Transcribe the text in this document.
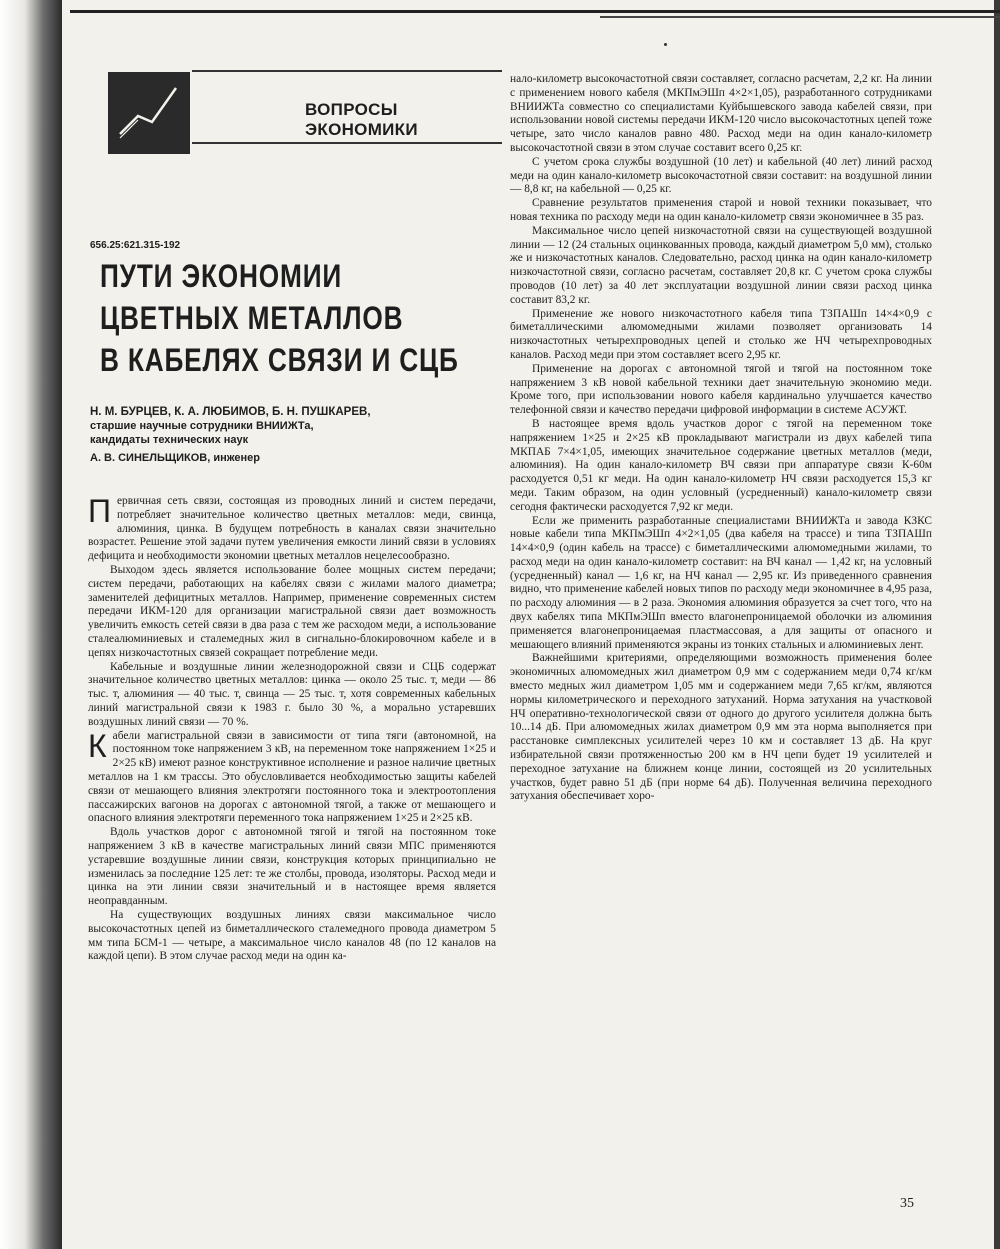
ВОПРОСЫ ЭКОНОМИКИ
656.25:621.315-192
ПУТИ ЭКОНОМИИ
ЦВЕТНЫХ МЕТАЛЛОВ
В КАБЕЛЯХ СВЯЗИ И СЦБ
Н. М. БУРЦЕВ, К. А. ЛЮБИМОВ, Б. Н. ПУШКАРЕВ,
старшие научные сотрудники ВНИИЖТа,
кандидаты технических наук
А. В. СИНЕЛЬЩИКОВ, инженер

Первичная сеть связи, состоящая из проводных линий и систем передачи, потребляет значительное количество цветных металлов: меди, свинца, алюминия, цинка. В будущем потребность в каналах связи значительно возрастет. Решение этой задачи путем увеличения емкости линий связи в условиях дефицита и необходимости экономии цветных металлов нецелесообразно.

Выходом здесь является использование более мощных систем передачи; систем передачи, работающих на кабелях связи с жилами малого диаметра; заменителей дефицитных металлов. Например, применение современных систем передачи ИКМ-120 для организации магистральной связи дает возможность увеличить емкость сетей связи в два раза с тем же расходом меди, а использование сталеалюминиевых и сталемедных жил в сигнально-блокировочном кабеле и в цепях низкочастотных связей сокращает потребление меди.

Кабельные и воздушные линии железнодорожной связи и СЦБ содержат значительное количество цветных металлов: цинка — около 25 тыс. т, меди — 86 тыс. т, алюминия — 40 тыс. т, свинца — 25 тыс. т, хотя современных кабельных линий магистральной связи к 1983 г. было 30 %, а морально устаревших воздушных линий связи — 70 %.

Кабели магистральной связи в зависимости от типа тяги (автономной, на постоянном токе напряжением 3 кВ, на переменном токе напряжением 1×25 и 2×25 кВ) имеют разное конструктивное исполнение и разное наличие цветных металлов на 1 км трассы. Это обусловливается необходимостью защиты кабелей связи от мешающего влияния электротяги постоянного тока и электроотопления пассажирских вагонов на дорогах с автономной тягой, а также от мешающего и опасного влияния электротяги переменного тока напряжением 1×25 и 2×25 кВ.

Вдоль участков дорог с автономной тягой и тягой на постоянном токе напряжением 3 кВ в качестве магистральных линий связи МПС применяются устаревшие воздушные линии связи, конструкция которых принципиально не изменилась за последние 125 лет: те же столбы, провода, изоляторы. Расход меди и цинка на эти линии связи значительный и в настоящее время является неоправданным.

На существующих воздушных линиях связи максимальное число высокочастотных цепей из биметаллического сталемедного провода диаметром 5 мм типа БСМ-1 — четыре, а максимальное число каналов 48 (по 12 каналов на каждой цепи). В этом случае расход меди на один ка-

нало-километр высокочастотной связи составляет, согласно расчетам, 2,2 кг. На линии с применением нового кабеля (МКПмЭШп 4×2×1,05), разработанного сотрудниками ВНИИЖТа совместно со специалистами Куйбышевского завода кабелей связи, при использовании новой системы передачи ИКМ-120 число высокочастотных цепей тоже четыре, зато число каналов равно 480. Расход меди на один канало-километр высокочастотной связи в этом случае составит всего 0,25 кг.

С учетом срока службы воздушной (10 лет) и кабельной (40 лет) линий расход меди на один канало-километр высокочастотной связи составит: на воздушной линии — 8,8 кг, на кабельной — 0,25 кг.

Сравнение результатов применения старой и новой техники показывает, что новая техника по расходу меди на один канало-километр связи экономичнее в 35 раз.

Максимальное число цепей низкочастотной связи на существующей воздушной линии — 12 (24 стальных оцинкованных провода, каждый диаметром 5,0 мм), столько же и низкочастотных каналов. Следовательно, расход цинка на один канало-километр низкочастотной связи, согласно расчетам, составляет 20,8 кг. С учетом срока службы проводов (10 лет) за 40 лет эксплуатации воздушной линии связи расход цинка составит 83,2 кг.

Применение же нового низкочастотного кабеля типа ТЗПАШп 14×4×0,9 с биметаллическими алюмомедными жилами позволяет организовать 14 низкочастотных четырехпроводных цепей и столько же НЧ четырехпроводных каналов. Расход меди при этом составляет всего 2,95 кг.

Применение на дорогах с автономной тягой и тягой на постоянном токе напряжением 3 кВ новой кабельной техники дает значительную экономию меди. Кроме того, при использовании нового кабеля кардинально улучшается качество телефонной связи и качество передачи цифровой информации в системе АСУЖТ.

В настоящее время вдоль участков дорог с тягой на переменном токе напряжением 1×25 и 2×25 кВ прокладывают магистрали из двух кабелей типа МКПАБ 7×4×1,05, имеющих значительное содержание цветных металлов (меди, алюминия). На один канало-километр ВЧ связи при аппаратуре связи К-60м расходуется 0,51 кг меди. На один канало-километр НЧ связи расходуется 15,3 кг меди. Таким образом, на один условный (усредненный) канало-километр связи сегодня фактически расходуется 7,92 кг меди.

Если же применить разработанные специалистами ВНИИЖТа и завода КЗКС новые кабели типа МКПмЭШп 4×2×1,05 (два кабеля на трассе) и типа ТЗПАШп 14×4×0,9 (один кабель на трассе) с биметаллическими алюмомедными жилами, то расход меди на один канало-километр составит: на ВЧ канал — 1,42 кг, на условный (усредненный) канал — 1,6 кг, на НЧ канал — 2,95 кг. Из приведенного сравнения видно, что применение кабелей новых типов по расходу меди экономичнее в 4,95 раза, по расходу алюминия — в 2 раза. Экономия алюминия образуется за счет того, что на двух кабелях типа МКПмЭШп вместо влагонепроницаемой оболочки из алюминия применяется влагонепроницаемая пластмассовая, а для защиты от опасного и мешающего влияний применяются экраны из тонких стальных и алюминиевых лент.

Важнейшими критериями, определяющими возможность применения более экономичных алюмомедных жил диаметром 0,9 мм с содержанием меди 0,74 кг/км вместо медных жил диаметром 1,05 мм и содержанием меди 7,65 кг/км, являются нормы километрического и переходного затуханий. Норма затухания на участковой НЧ оперативно-технологической связи от одного до другого усилителя должна быть 10...14 дБ. При алюмомедных жилах диаметром 0,9 мм эта норма выполняется при расстановке симплексных усилителей через 10 км и составляет 13 дБ. На круг избирательной связи протяженностью 200 км в НЧ цепи будет 19 усилителей и переходное затухание на ближнем конце линии, состоящей из 20 усилительных участков, будет равно 51 дБ (при норме 64 дБ). Полученная величина переходного затухания обеспечивает хоро-

35
